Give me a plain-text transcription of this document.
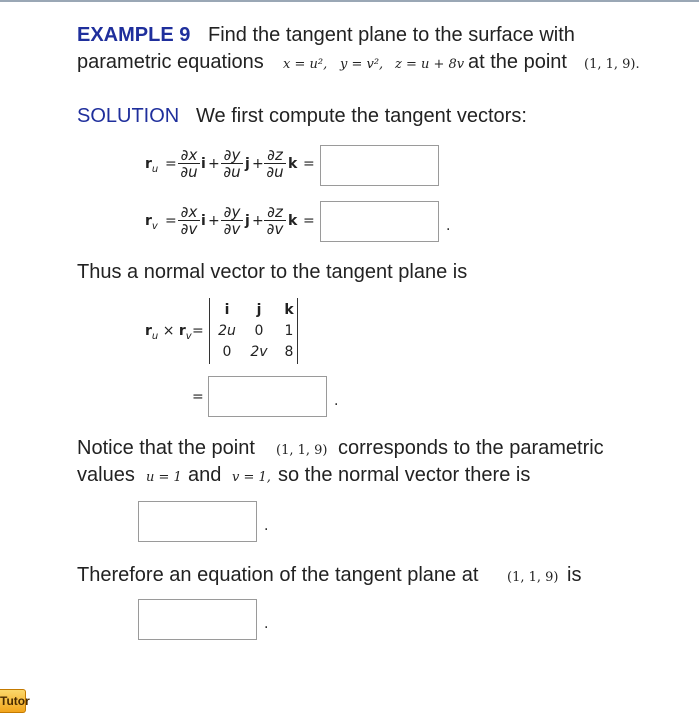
EXAMPLE 9 Find the tangent plane to the surface with
parametric equations x = u², y = v², z = u + 8v at the point (1, 1, 9).
SOLUTION We first compute the tangent vectors:
$r_u = \frac{\partial x}{\partial u}$ $i + \frac{\partial y}{\partial u}$ $j + \frac{\partial z}{\partial u}$ k =
$r_v = \frac{\partial x}{\partial v}$ $i + \frac{\partial y}{\partial v}$ $j + \frac{\partial z}{\partial v}$ k =	.
Thus a normal vector to the tangent plane is
$r_u \times r_v$ =
i	j	k
2u	0	1
0	2v	8
=	.
Notice that the point (1, 1, 9) corresponds to the parametric
values u = 1 and v = 1, so the normal vector there is
.
Therefore an equation of the tangent plane at (1, 1, 9) is
.
Tutor
